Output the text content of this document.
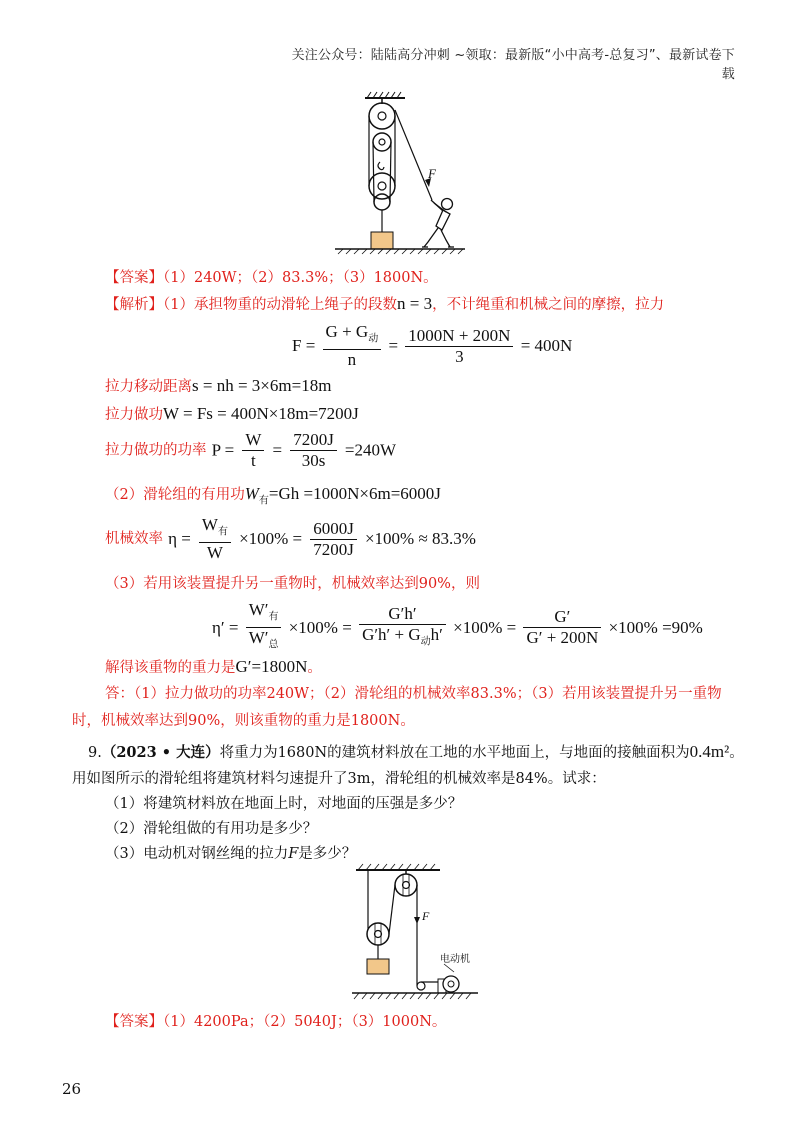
关注公众号：陆陆高分冲刺 ~领取：最新版“小中高考-总复习”、最新试卷下载
F
【答案】（1）240W；（2）83.3%；（3）1800N。
【解析】（1）承担物重的动滑轮上绳子的段数n = 3，不计绳重和机械之间的摩擦，拉力
$F = \frac{G + G_动}{n} = \frac{1000N + 200N}{3} = 400N$
拉力移动距离s = nh = 3×6m=18m
拉力做功W = Fs = 400N×18m=7200J
拉力做功的功率 $P = \frac{W}{t} = \frac{7200J}{30s} =240W$
（2）滑轮组的有用功$W_有=Gh =1000N\times 6m=6000J$
机械效率 $\eta = \frac{W_有}{W} \times 100\% = \frac{6000J}{7200J} \times 100\% \approx 83.3\%$
（3）若用该装置提升另一重物时，机械效率达到90%，则
$\eta' = \frac{W'_有}{W'_总} \times 100\% = \frac{G'h'}{G'h' + G_动h'} \times 100\% = \frac{G'}{G' + 200N} \times 100\% =90\%$
解得该重物的重力是G′=1800N。
答：（1）拉力做功的功率240W；（2）滑轮组的机械效率83.3%；（3）若用该装置提升另一重物
时，机械效率达到90%，则该重物的重力是1800N。
9.（2023 • 大连）将重力为1680N的建筑材料放在工地的水平地面上，与地面的接触面积为0.4m²。
用如图所示的滑轮组将建筑材料匀速提升了3m，滑轮组的机械效率是84%。试求：
（1）将建筑材料放在地面上时，对地面的压强是多少？
（2）滑轮组做的有用功是多少？
（3）电动机对钢丝绳的拉力F是多少？
F
电动机
【答案】（1）4200Pa；（2）5040J；（3）1000N。
26
